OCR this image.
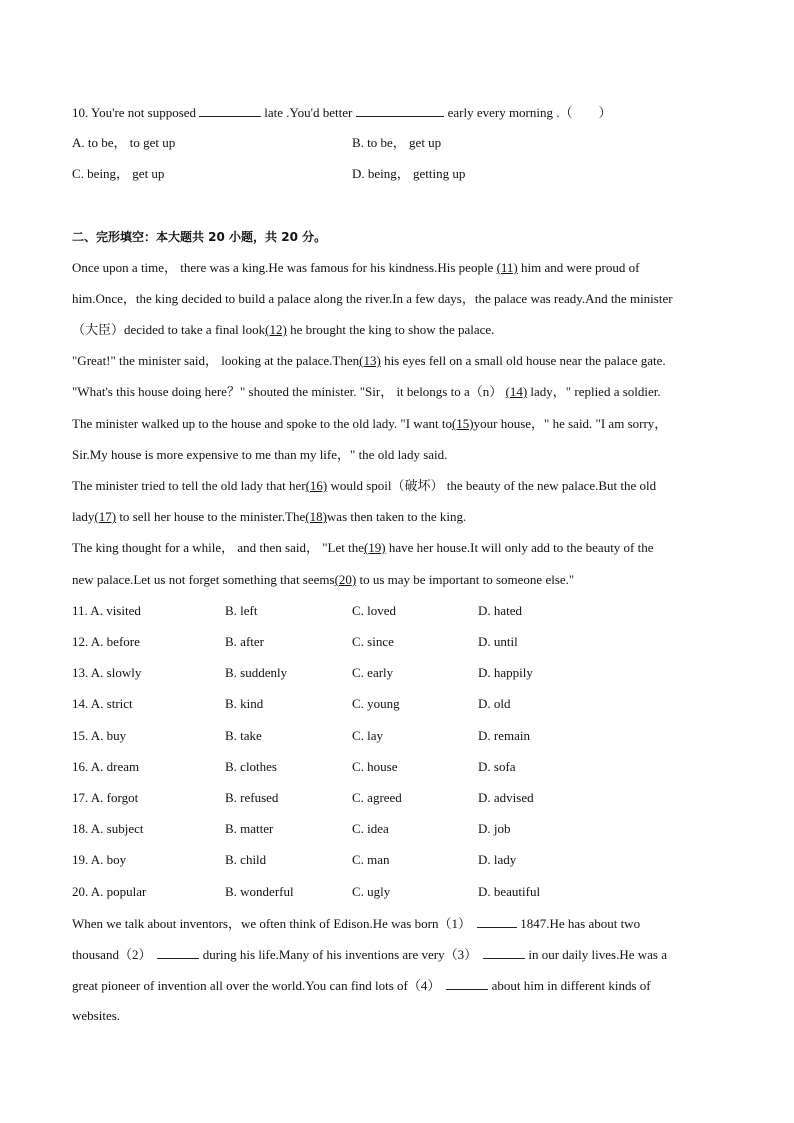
10. You're not supposed	late .You'd better	early every morning .（ ）
A. to be， to get up	B. to be， get up
C. being， get up	D. being， getting up
二、完形填空：本大题共 20 小题，共 20 分。
Once upon a time， there was a king.He was famous for his kindness.His people (11) him and were proud of
him.Once，the king decided to build a palace along the river.In a few days，the palace was ready.And the minister
（大臣）decided to take a final look(12) he brought the king to show the palace.
"Great!" the minister said， looking at the palace.Then(13) his eyes fell on a small old house near the palace gate.
"What's this house doing here？" shouted the minister. "Sir， it belongs to a（n） (14) lady，" replied a soldier.
The minister walked up to the house and spoke to the old lady. "I want to(15)your house，" he said. "I am sorry，
Sir.My house is more expensive to me than my life，" the old lady said.
The minister tried to tell the old lady that her(16) would spoil（破坏） the beauty of the new palace.But the old
lady(17) to sell her house to the minister.The(18)was then taken to the king.
The king thought for a while， and then said， "Let the(19) have her house.It will only add to the beauty of the
new palace.Let us not forget something that seems(20) to us may be important to someone else."
11. A. visited	B. left	C. loved	D. hated
12. A. before	B. after	C. since	D. until
13. A. slowly	B. suddenly	C. early	D. happily
14. A. strict	B. kind	C. young	D. old
15. A. buy	B. take	C. lay	D. remain
16. A. dream	B. clothes	C. house	D. sofa
17. A. forgot	B. refused	C. agreed	D. advised
18. A. subject	B. matter	C. idea	D. job
19. A. boy	B. child	C. man	D. lady
20. A. popular	B. wonderful	C. ugly	D. beautiful
When we talk about inventors，we often think of Edison.He was born（1）	1847.He has about two
thousand（2）	during his life.Many of his inventions are very（3）	in our daily lives.He was a
great pioneer of invention all over the world.You can find lots of（4）	about him in different kinds of
websites.
